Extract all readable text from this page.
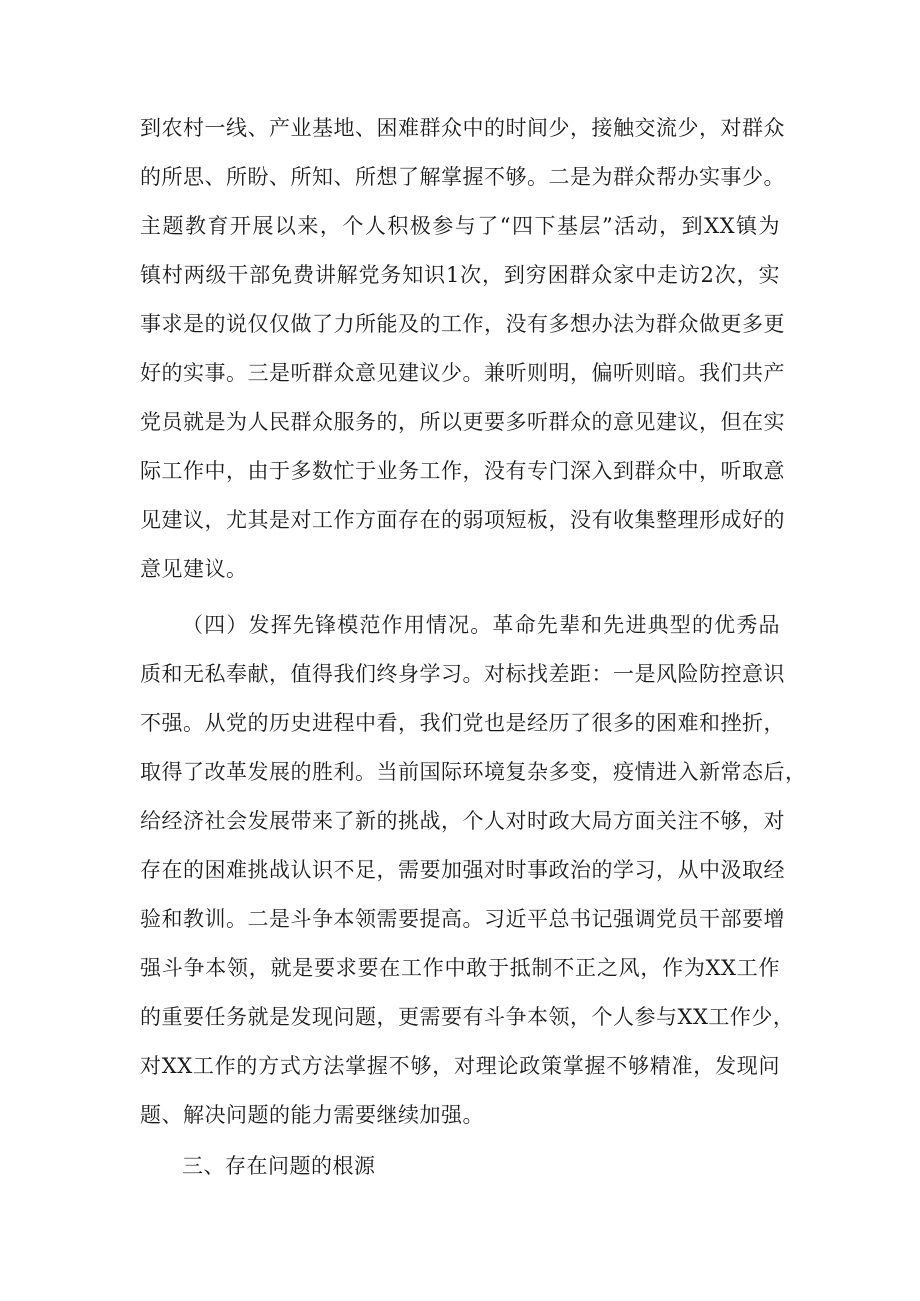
到农村一线、产业基地、困难群众中的时间少，接触交流少，对群众
的所思、所盼、所知、所想了解掌握不够。二是为群众帮办实事少。
主题教育开展以来，个人积极参与了“四下基层”活动，到XX镇为
镇村两级干部免费讲解党务知识1次，到穷困群众家中走访2次，实
事求是的说仅仅做了力所能及的工作，没有多想办法为群众做更多更
好的实事。三是听群众意见建议少。兼听则明，偏听则暗。我们共产
党员就是为人民群众服务的，所以更要多听群众的意见建议，但在实
际工作中，由于多数忙于业务工作，没有专门深入到群众中，听取意
见建议，尤其是对工作方面存在的弱项短板，没有收集整理形成好的
意见建议。
（四）发挥先锋模范作用情况。革命先辈和先进典型的优秀品
质和无私奉献，值得我们终身学习。对标找差距：一是风险防控意识
不强。从党的历史进程中看，我们党也是经历了很多的困难和挫折，
取得了改革发展的胜利。当前国际环境复杂多变，疫情进入新常态后，
给经济社会发展带来了新的挑战，个人对时政大局方面关注不够，对
存在的困难挑战认识不足，需要加强对时事政治的学习，从中汲取经
验和教训。二是斗争本领需要提高。习近平总书记强调党员干部要增
强斗争本领，就是要求要在工作中敢于抵制不正之风，作为XX工作
的重要任务就是发现问题，更需要有斗争本领，个人参与XX工作少，
对XX工作的方式方法掌握不够，对理论政策掌握不够精准，发现问
题、解决问题的能力需要继续加强。
三、存在问题的根源
